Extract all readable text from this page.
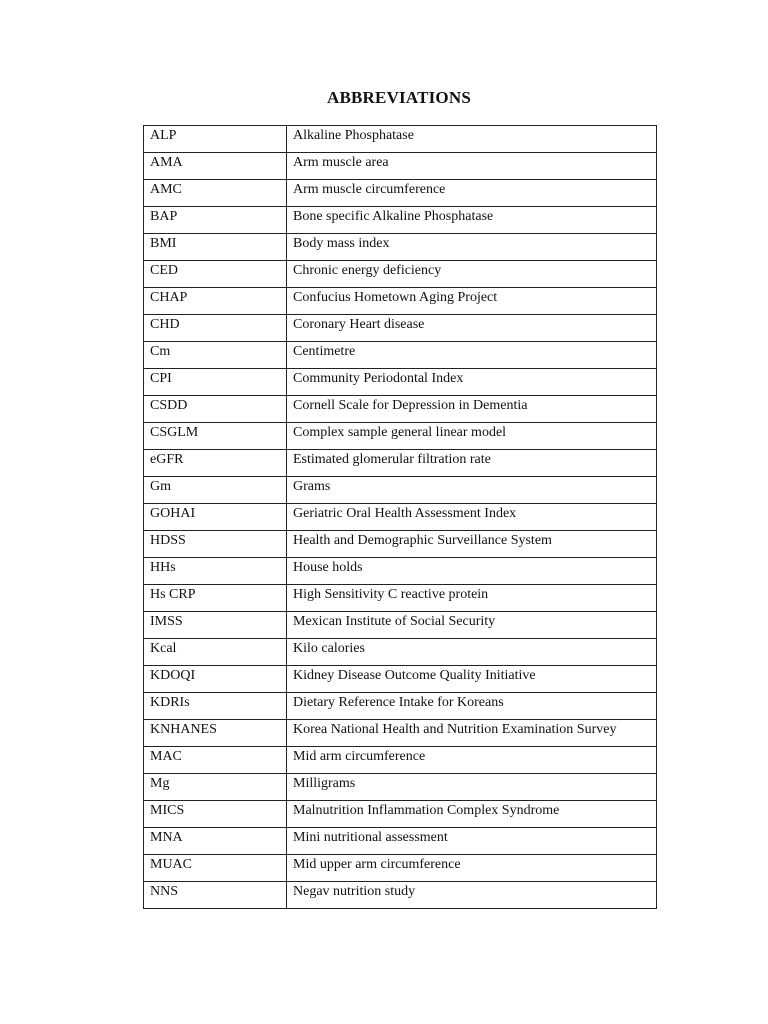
ABBREVIATIONS
ALP	Alkaline Phosphatase
AMA	Arm muscle area
AMC	Arm muscle circumference
BAP	Bone specific Alkaline Phosphatase
BMI	Body mass index
CED	Chronic energy deficiency
CHAP	Confucius Hometown Aging Project
CHD	Coronary Heart disease
Cm	Centimetre
CPI	Community Periodontal Index
CSDD	Cornell Scale for Depression in Dementia
CSGLM	Complex sample general linear model
eGFR	Estimated glomerular filtration rate
Gm	Grams
GOHAI	Geriatric Oral Health Assessment Index
HDSS	Health and Demographic Surveillance System
HHs	House holds
Hs CRP	High Sensitivity C reactive protein
IMSS	Mexican Institute of Social Security
Kcal	Kilo calories
KDOQI	Kidney Disease Outcome Quality Initiative
KDRIs	Dietary Reference Intake for Koreans
KNHANES	Korea National Health and Nutrition Examination Survey
MAC	Mid arm circumference
Mg	Milligrams
MICS	Malnutrition Inflammation Complex Syndrome
MNA	Mini nutritional assessment
MUAC	Mid upper arm circumference
NNS	Negav nutrition study
